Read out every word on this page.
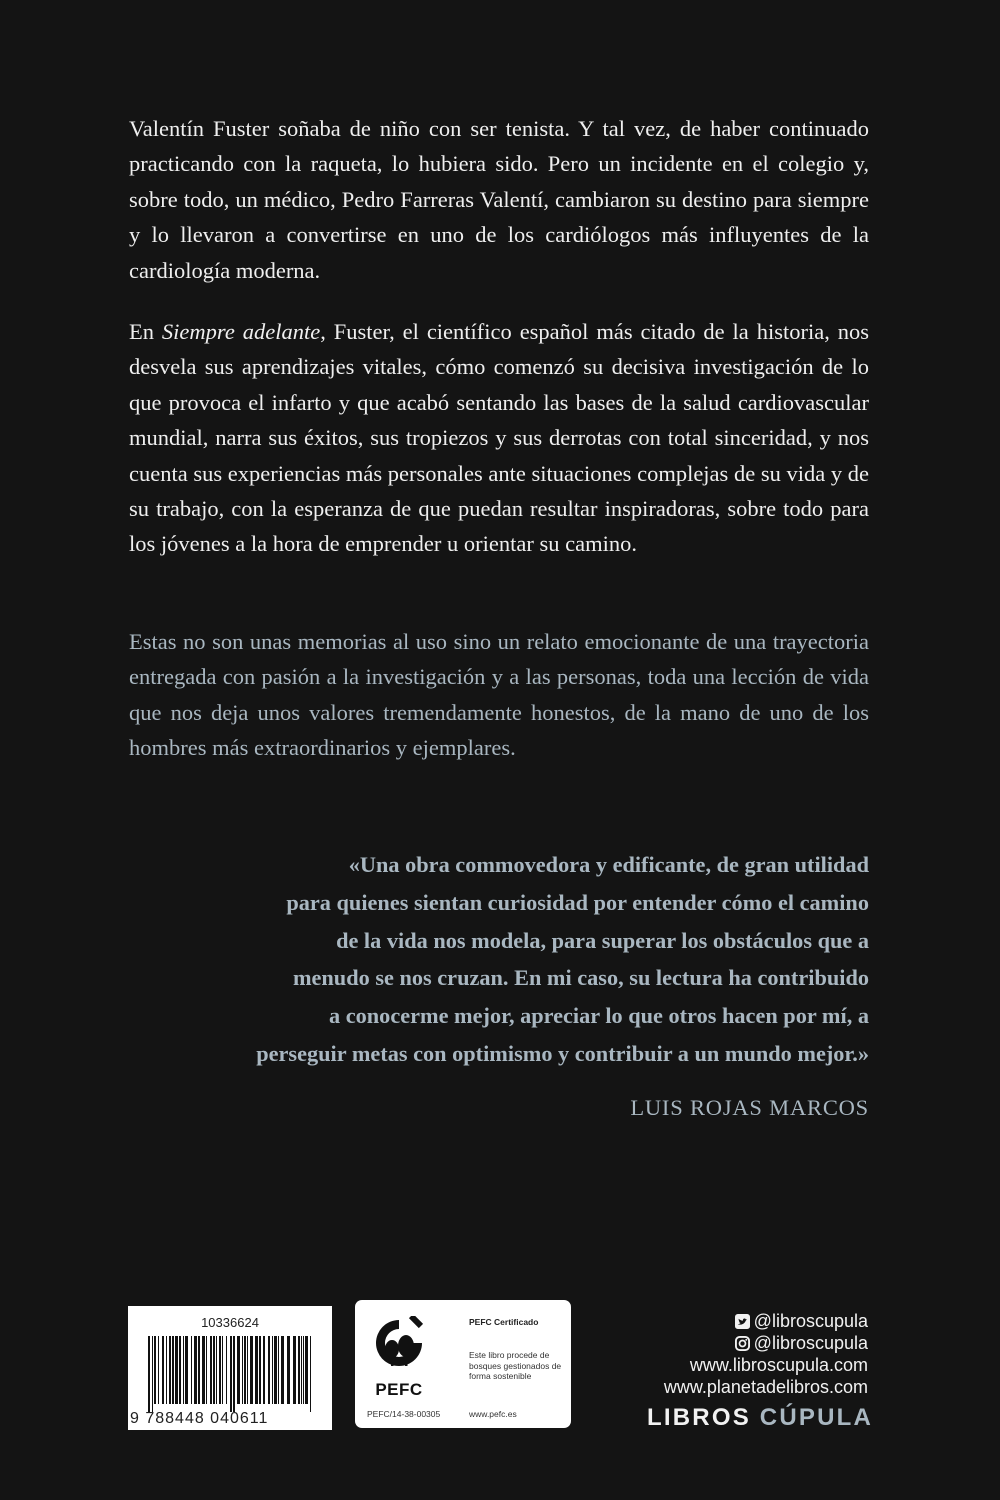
Valentín Fuster soñaba de niño con ser tenista. Y tal vez, de haber continuado practicando con la raqueta, lo hubiera sido. Pero un incidente en el colegio y, sobre todo, un médico, Pedro Farreras Valentí, cambiaron su destino para siempre y lo llevaron a convertirse en uno de los cardiólogos más influyentes de la cardiología moderna.

En Siempre adelante, Fuster, el científico español más citado de la historia, nos desvela sus aprendizajes vitales, cómo comenzó su decisiva investigación de lo que provoca el infarto y que acabó sentando las bases de la salud cardiovascular mundial, narra sus éxitos, sus tropiezos y sus derrotas con total sinceridad, y nos cuenta sus experiencias más personales ante situaciones complejas de su vida y de su trabajo, con la esperanza de que puedan resultar inspiradoras, sobre todo para los jóvenes a la hora de emprender u orientar su camino.

Estas no son unas memorias al uso sino un relato emocionante de una trayectoria entregada con pasión a la investigación y a las personas, toda una lección de vida que nos deja unos valores tremendamente honestos, de la mano de uno de los hombres más extraordinarios y ejemplares.

«Una obra commovedora y edificante, de gran utilidad
para quienes sientan curiosidad por entender cómo el camino
de la vida nos modela, para superar los obstáculos que a
menudo se nos cruzan. En mi caso, su lectura ha contribuido
a conocerme mejor, apreciar lo que otros hacen por mí, a
perseguir metas con optimismo y contribuir a un mundo mejor.»
LUIS ROJAS MARCOS
10336624
9 788448 040611
PEFC
PEFC/14-38-00305
PEFC Certificado
Este libro procede de bosques gestionados de forma sostenible
www.pefc.es
@libroscupula
@libroscupula
www.libroscupula.com
www.planetadelibros.com
LIBROS CÚPULA
